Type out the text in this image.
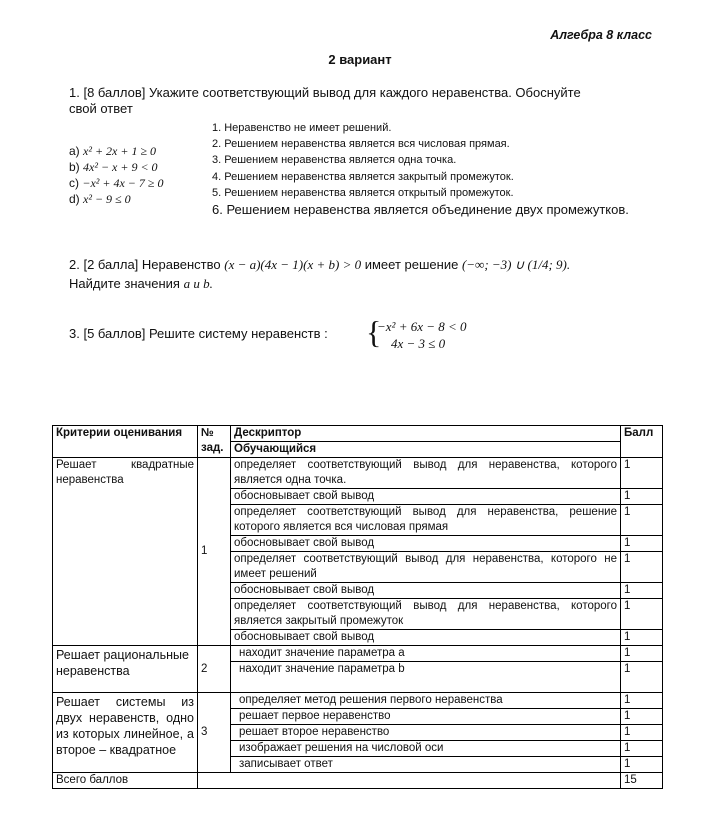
Алгебра 8 класс
2 вариант
1. [8 баллов] Укажите соответствующий вывод для каждого неравенства. Обоснуйте свой ответ
a) x² + 2x + 1 ≥ 0
b) 4x² − x + 9 < 0
c) −x² + 4x − 7 ≥ 0
d) x² − 9 ≤ 0
1. Неравенство не имеет решений.
2. Решением неравенства является вся числовая прямая.
3. Решением неравенства является одна точка.
4. Решением неравенства является закрытый промежуток.
5. Решением неравенства является открытый промежуток.
6. Решением неравенства является объединение двух промежутков.
2. [2 балла] Неравенство (x − a)(4x − 1)(x + b) > 0 имеет решение (−∞; −3) ∪ (1/4; 9).
Найдите значения a и b.
3. [5 баллов] Решите систему неравенств : {
−x² + 6x − 8 < 0
4x − 3 ≤ 0
Критерии оценивания	№ зад.	Дескриптор	Балл
		Обучающийся	
Решает квадратные неравенства	1	определяет соответствующий вывод для неравенства, которого является одна точка.	1
		обосновывает свой вывод	1
		определяет соответствующий вывод для неравенства, решение которого является вся числовая прямая	1
		обосновывает свой вывод	1
		определяет соответствующий вывод для неравенства, которого не имеет решений	1
		обосновывает свой вывод	1
		определяет соответствующий вывод для неравенства, которого является закрытый промежуток	1
		обосновывает свой вывод	1
Решает рациональные неравенства	2	находит значение параметра a	1
		находит значение параметра b	1
Решает системы из двух неравенств, одно из которых линейное, а второе – квадратное	3	определяет метод решения первого неравенства	1
		решает первое неравенство	1
		решает второе неравенство	1
		изображает решения на числовой оси	1
		записывает ответ	1
Всего баллов			15
